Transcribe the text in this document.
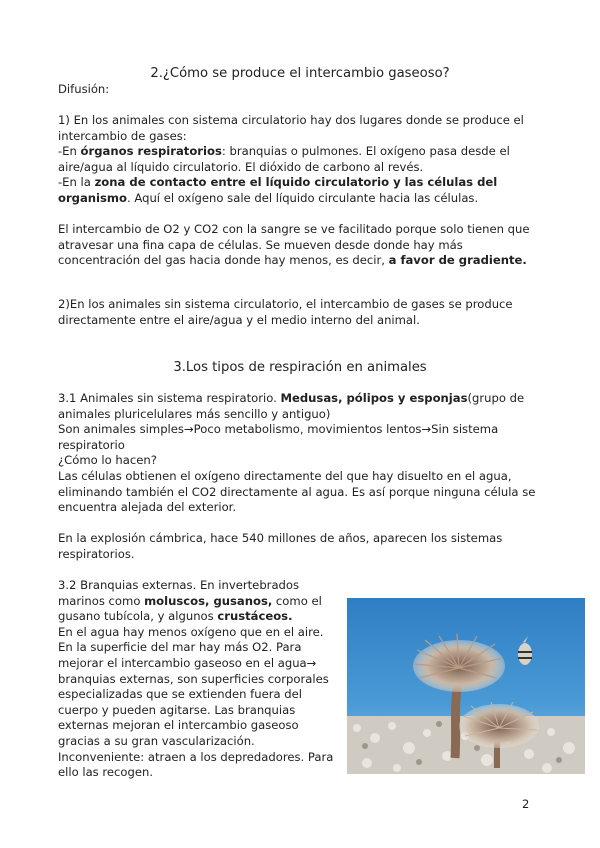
2.¿Cómo se produce el intercambio gaseoso?

Difusión:

1) En los animales con sistema circulatorio hay dos lugares donde se produce el intercambio de gases:
-En órganos respiratorios: branquias o pulmones. El oxígeno pasa desde el aire/agua al líquido circulatorio. El dióxido de carbono al revés.
-En la zona de contacto entre el líquido circulatorio y las células del organismo. Aquí el oxígeno sale del líquido circulante hacia las células.

El intercambio de O2 y CO2 con la sangre se ve facilitado porque solo tienen que atravesar una fina capa de células. Se mueven desde donde hay más concentración del gas hacia donde hay menos, es decir, a favor de gradiente.

2)En los animales sin sistema circulatorio, el intercambio de gases se produce directamente entre el aire/agua y el medio interno del animal.

3.Los tipos de respiración en animales

3.1 Animales sin sistema respiratorio. Medusas, pólipos y esponjas(grupo de animales pluricelulares más sencillo y antiguo)
Son animales simples→Poco metabolismo, movimientos lentos→Sin sistema respiratorio
¿Cómo lo hacen?
Las células obtienen el oxígeno directamente del que hay disuelto en el agua, eliminando también el CO2 directamente al agua. Es así porque ninguna célula se encuentra alejada del exterior.

En la explosión cámbrica, hace 540 millones de años, aparecen los sistemas respiratorios.

3.2 Branquias externas. En invertebrados marinos como moluscos, gusanos, como el gusano tubícola, y algunos crustáceos.
En el agua hay menos oxígeno que en el aire. En la superficie del mar hay más O2. Para mejorar el intercambio gaseoso en el agua→ branquias externas, son superficies corporales especializadas que se extienden fuera del cuerpo y pueden agitarse. Las branquias externas mejoran el intercambio gaseoso gracias a su gran vascularización. Inconveniente: atraen a los depredadores. Para ello las recogen.

2
